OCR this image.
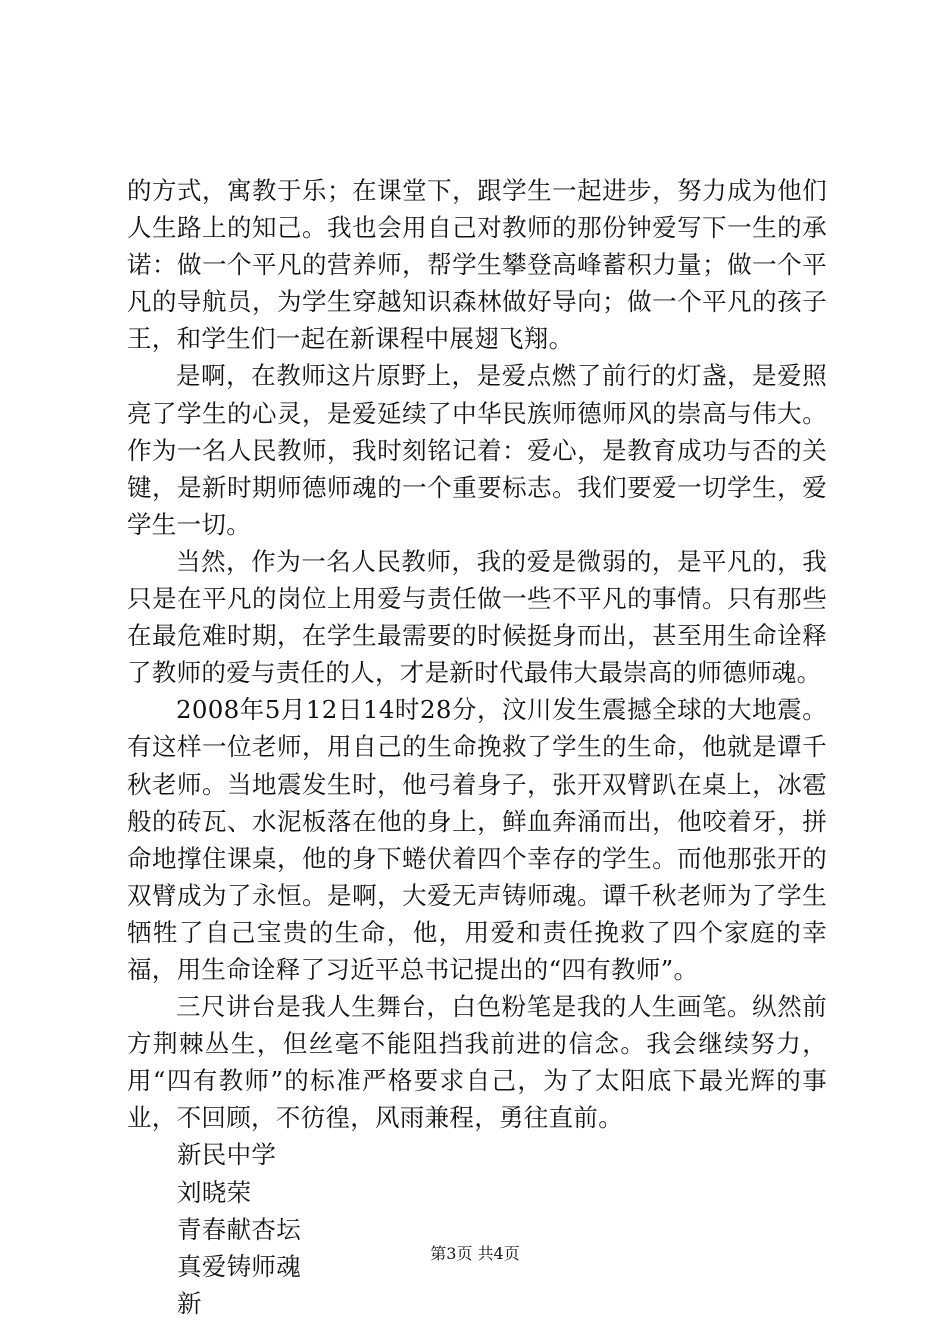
的方式，寓教于乐；在课堂下，跟学生一起进步，努力成为他们人生路上的知己。我也会用自己对教师的那份钟爱写下一生的承诺：做一个平凡的营养师，帮学生攀登高峰蓄积力量；做一个平凡的导航员，为学生穿越知识森林做好导向；做一个平凡的孩子王，和学生们一起在新课程中展翅飞翔。

是啊，在教师这片原野上，是爱点燃了前行的灯盏，是爱照亮了学生的心灵，是爱延续了中华民族师德师风的崇高与伟大。作为一名人民教师，我时刻铭记着：爱心，是教育成功与否的关键，是新时期师德师魂的一个重要标志。我们要爱一切学生，爱学生一切。

当然，作为一名人民教师，我的爱是微弱的，是平凡的，我只是在平凡的岗位上用爱与责任做一些不平凡的事情。只有那些在最危难时期，在学生最需要的时候挺身而出，甚至用生命诠释了教师的爱与责任的人，才是新时代最伟大最崇高的师德师魂。

2008年5月12日14时28分，汶川发生震撼全球的大地震。有这样一位老师，用自己的生命挽救了学生的生命，他就是谭千秋老师。当地震发生时，他弓着身子，张开双臂趴在桌上，冰雹般的砖瓦、水泥板落在他的身上，鲜血奔涌而出，他咬着牙，拼命地撑住课桌，他的身下蜷伏着四个幸存的学生。而他那张开的双臂成为了永恒。是啊，大爱无声铸师魂。谭千秋老师为了学生牺牲了自己宝贵的生命，他，用爱和责任挽救了四个家庭的幸福，用生命诠释了习近平总书记提出的“四有教师”。

三尺讲台是我人生舞台，白色粉笔是我的人生画笔。纵然前方荆棘丛生，但丝毫不能阻挡我前进的信念。我会继续努力，用“四有教师”的标准严格要求自己，为了太阳底下最光辉的事业，不回顾，不彷徨，风雨兼程，勇往直前。

新民中学

刘晓荣

青春献杏坛

真爱铸师魂

新

第3页 共4页
